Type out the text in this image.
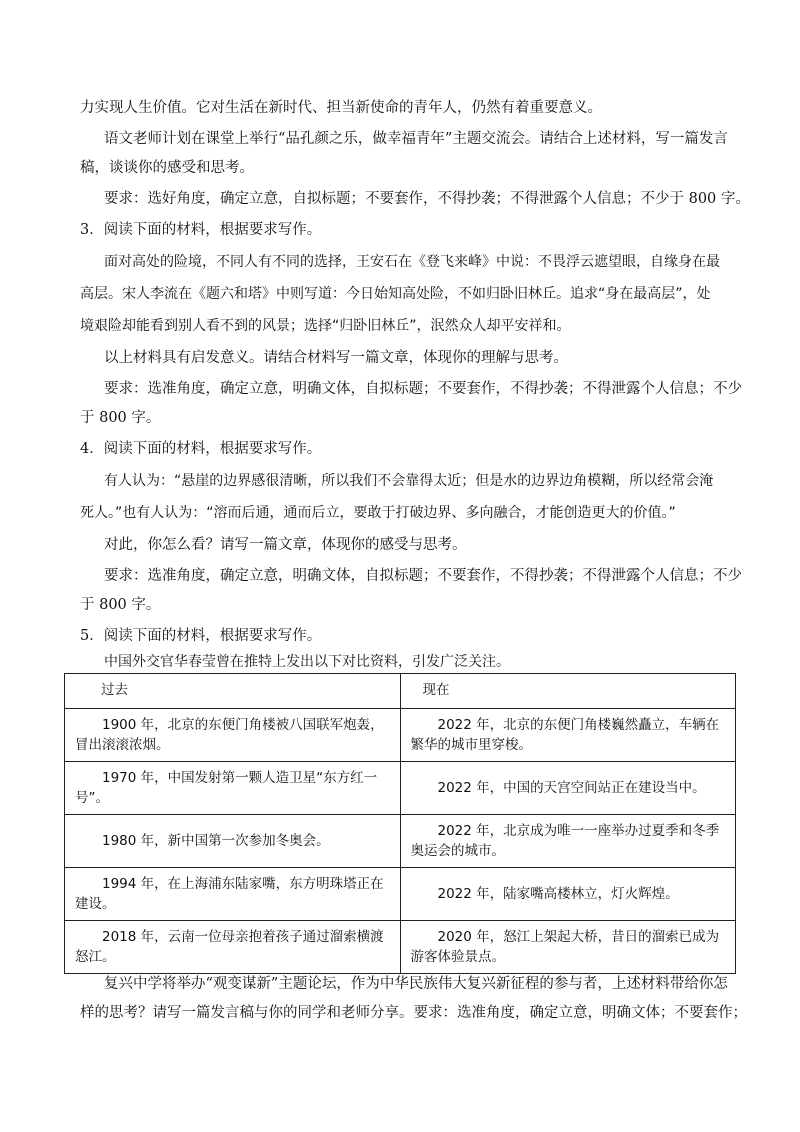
力实现人生价值。它对生活在新时代、担当新使命的青年人，仍然有着重要意义。
语文老师计划在课堂上举行“品孔颜之乐，做幸福青年”主题交流会。请结合上述材料，写一篇发言
稿，谈谈你的感受和思考。
要求：选好角度，确定立意，自拟标题；不要套作，不得抄袭；不得泄露个人信息；不少于 800 字。
3．阅读下面的材料，根据要求写作。
面对高处的险境，不同人有不同的选择，王安石在《登飞来峰》中说：不畏浮云遮望眼，自缘身在最
高层。宋人李流在《题六和塔》中则写道：今日始知高处险，不如归卧旧林丘。追求“身在最高层”，处
境艰险却能看到别人看不到的风景；选择“归卧旧林丘”，泯然众人却平安祥和。
以上材料具有启发意义。请结合材料写一篇文章，体现你的理解与思考。
要求：选准角度，确定立意，明确文体，自拟标题；不要套作，不得抄袭；不得泄露个人信息；不少
于 800 字。
4．阅读下面的材料，根据要求写作。
有人认为：“悬崖的边界感很清晰，所以我们不会靠得太近；但是水的边界边角模糊，所以经常会淹
死人。”也有人认为：“溶而后通，通而后立，要敢于打破边界、多向融合，才能创造更大的价值。”
对此，你怎么看？请写一篇文章，体现你的感受与思考。
要求：选准角度，确定立意，明确文体，自拟标题；不要套作，不得抄袭；不得泄露个人信息；不少
于 800 字。
5．阅读下面的材料，根据要求写作。
中国外交官华春莹曾在推特上发出以下对比资料，引发广泛关注。
过去	现在

1900 年，北京的东便门角楼被八国联军炮轰，冒出滚滚浓烟。	2022 年，北京的东便门角楼巍然矗立，车辆在繁华的城市里穿梭。

1970 年，中国发射第一颗人造卫星“东方红一号”。	2022 年，中国的天宫空间站正在建设当中。

1980 年，新中国第一次参加冬奥会。	2022 年，北京成为唯一一座举办过夏季和冬季奥运会的城市。

1994 年，在上海浦东陆家嘴，东方明珠塔正在建设。	2022 年，陆家嘴高楼林立，灯火辉煌。

2018 年，云南一位母亲抱着孩子通过溜索横渡怒江。	2020 年，怒江上架起大桥，昔日的溜索已成为游客体验景点。
复兴中学将举办“观变谋新”主题论坛，作为中华民族伟大复兴新征程的参与者，上述材料带给你怎
样的思考？请写一篇发言稿与你的同学和老师分享。要求：选准角度，确定立意，明确文体；不要套作；
